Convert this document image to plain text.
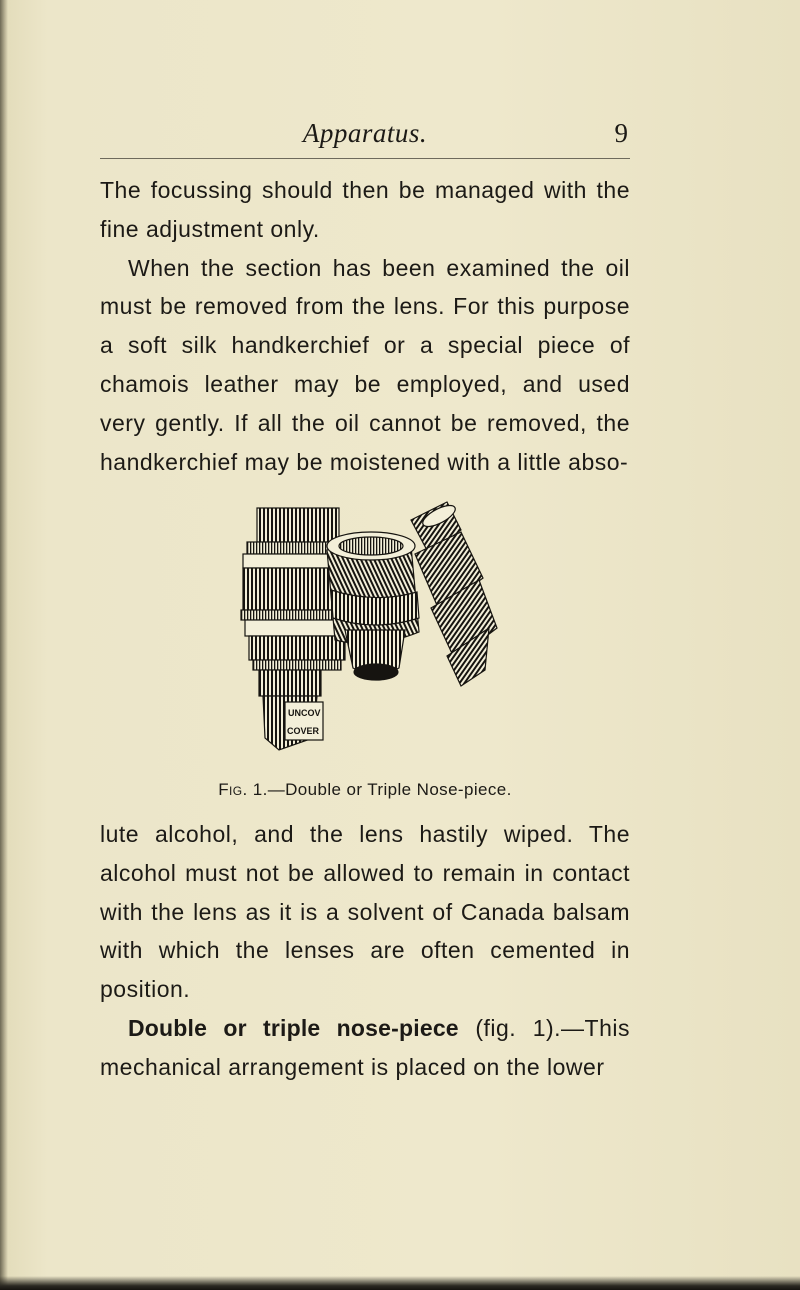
Apparatus.	9

The focussing should then be managed with the fine adjustment only.

When the section has been examined the oil must be removed from the lens. For this purpose a soft silk handkerchief or a special piece of chamois leather may be employed, and used very gently. If all the oil cannot be removed, the handkerchief may be moistened with a little abso-

UNCOV
COVER
Fig. 1.—Double or Triple Nose-piece.

lute alcohol, and the lens hastily wiped. The alcohol must not be allowed to remain in contact with the lens as it is a solvent of Canada balsam with which the lenses are often cemented in position.

Double or triple nose-piece (fig. 1).—This mechanical arrangement is placed on the lower
